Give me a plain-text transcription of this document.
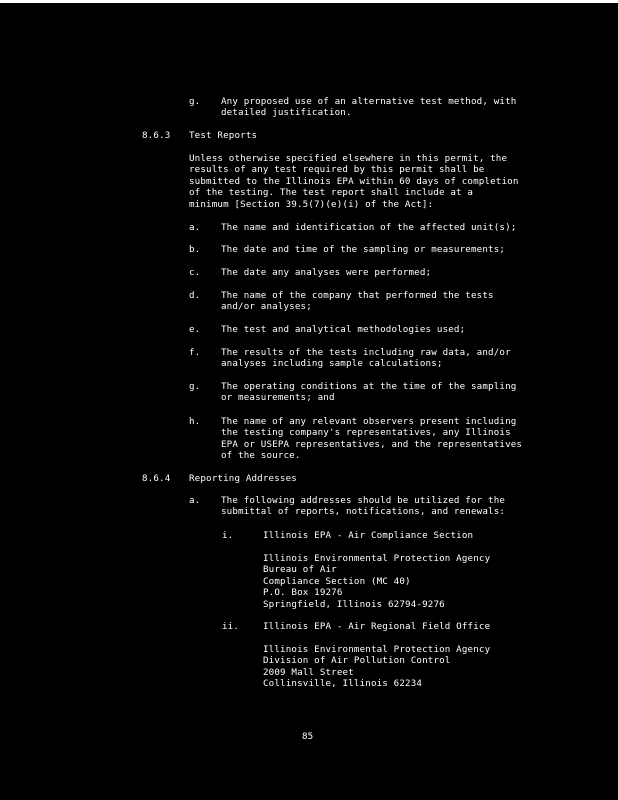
g. Any proposed use of an alternative test method, with
detailed justification.
8.6.3 Test Reports
Unless otherwise specified elsewhere in this permit, the
results of any test required by this permit shall be
submitted to the Illinois EPA within 60 days of completion
of the testing. The test report shall include at a
minimum [Section 39.5(7)(e)(i) of the Act]:
a. The name and identification of the affected unit(s);
b. The date and time of the sampling or measurements;
c. The date any analyses were performed;
d. The name of the company that performed the tests
and/or analyses;
e. The test and analytical methodologies used;
f. The results of the tests including raw data, and/or
analyses including sample calculations;
g. The operating conditions at the time of the sampling
or measurements; and
h. The name of any relevant observers present including
the testing company's representatives, any Illinois
EPA or USEPA representatives, and the representatives
of the source.
8.6.4 Reporting Addresses
a. The following addresses should be utilized for the
submittal of reports, notifications, and renewals:
i.	Illinois EPA - Air Compliance Section
Illinois Environmental Protection Agency
Bureau of Air
Compliance Section (MC 40)
P.O. Box 19276
Springfield, Illinois 62794-9276
ii.	Illinois EPA - Air Regional Field Office
Illinois Environmental Protection Agency
Division of Air Pollution Control
2009 Mall Street
Collinsville, Illinois 62234
85
